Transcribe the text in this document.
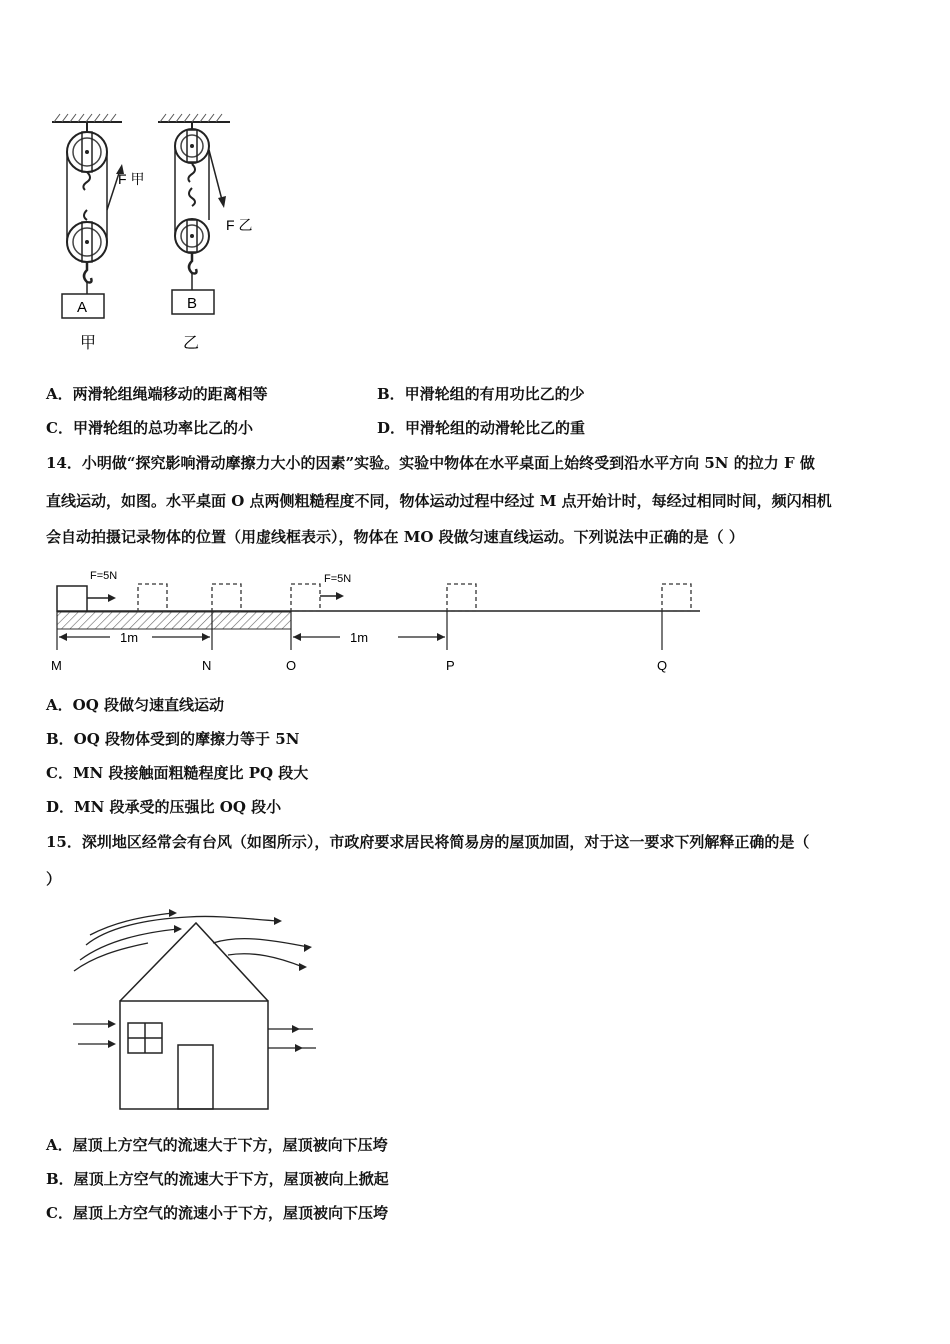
F 甲
A
甲
F 乙
B
乙
A．两滑轮组绳端移动的距离相等	B．甲滑轮组的有用功比乙的少
C．甲滑轮组的总功率比乙的小	D．甲滑轮组的动滑轮比乙的重
14．小明做“探究影响滑动摩擦力大小的因素”实验。实验中物体在水平桌面上始终受到沿水平方向 5N 的拉力 F 做
直线运动，如图。水平桌面 O 点两侧粗糙程度不同，物体运动过程中经过 M 点开始计时，每经过相同时间，频闪相机
会自动拍摄记录物体的位置（用虚线框表示），物体在 MO 段做匀速直线运动。下列说法中正确的是（ ）
F=5N	F=5N
1m	1m
M	N	O	P	Q
A．OQ 段做匀速直线运动
B．OQ 段物体受到的摩擦力等于 5N
C．MN 段接触面粗糙程度比 PQ 段大
D．MN 段承受的压强比 OQ 段小
15．深圳地区经常会有台风（如图所示），市政府要求居民将简易房的屋顶加固，对于这一要求下列解释正确的是（
）
A．屋顶上方空气的流速大于下方，屋顶被向下压垮
B．屋顶上方空气的流速大于下方，屋顶被向上掀起
C．屋顶上方空气的流速小于下方，屋顶被向下压垮
